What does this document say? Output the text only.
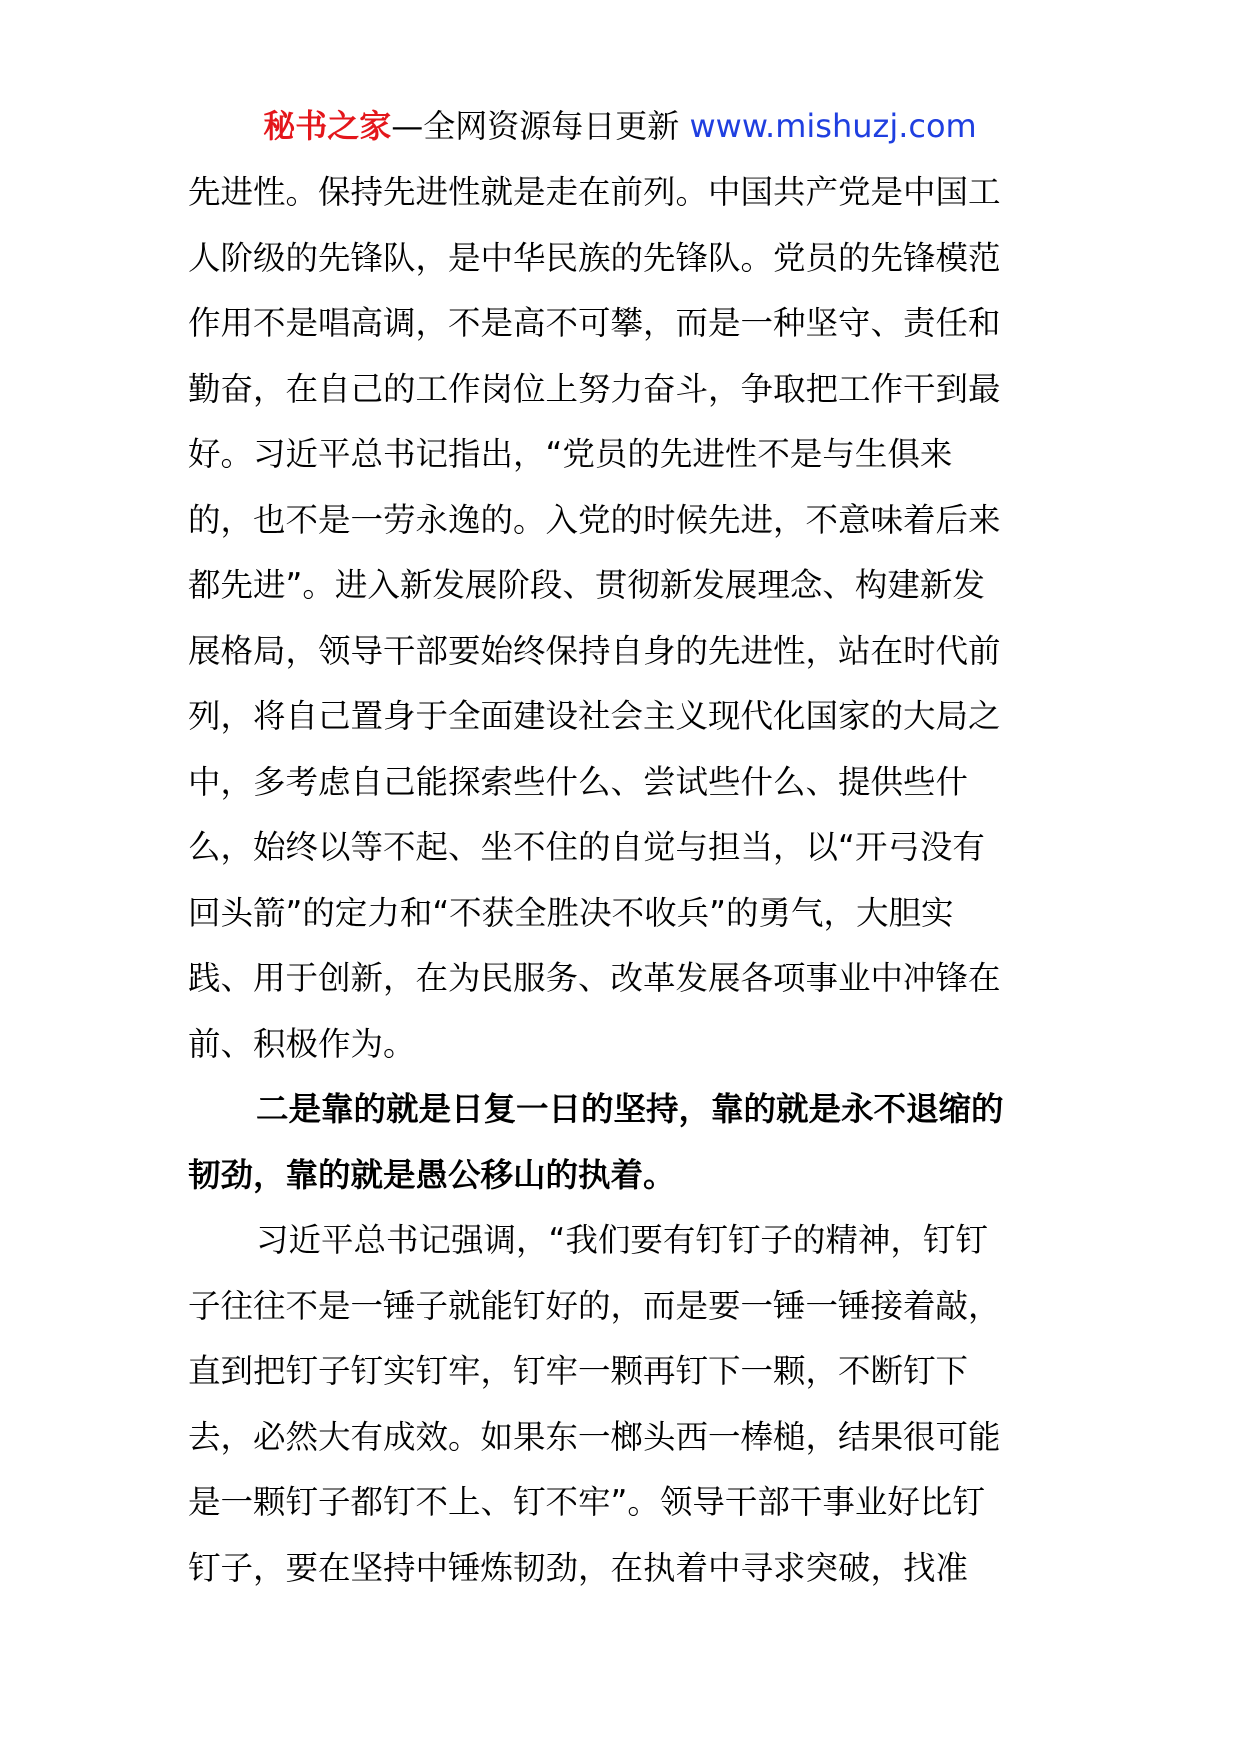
秘书之家—全网资源每日更新 www.mishuzj.com
先进性。保持先进性就是走在前列。中国共产党是中国工
人阶级的先锋队，是中华民族的先锋队。党员的先锋模范
作用不是唱高调，不是高不可攀，而是一种坚守、责任和
勤奋，在自己的工作岗位上努力奋斗，争取把工作干到最
好。习近平总书记指出，“党员的先进性不是与生俱来
的，也不是一劳永逸的。入党的时候先进，不意味着后来
都先进”。进入新发展阶段、贯彻新发展理念、构建新发
展格局，领导干部要始终保持自身的先进性，站在时代前
列，将自己置身于全面建设社会主义现代化国家的大局之
中，多考虑自己能探索些什么、尝试些什么、提供些什
么，始终以等不起、坐不住的自觉与担当，以“开弓没有
回头箭”的定力和“不获全胜决不收兵”的勇气，大胆实
践、用于创新，在为民服务、改革发展各项事业中冲锋在
前、积极作为。
二是靠的就是日复一日的坚持，靠的就是永不退缩的
韧劲，靠的就是愚公移山的执着。
习近平总书记强调，“我们要有钉钉子的精神，钉钉
子往往不是一锤子就能钉好的，而是要一锤一锤接着敲，
直到把钉子钉实钉牢，钉牢一颗再钉下一颗，不断钉下
去，必然大有成效。如果东一榔头西一棒槌，结果很可能
是一颗钉子都钉不上、钉不牢”。领导干部干事业好比钉
钉子，要在坚持中锤炼韧劲，在执着中寻求突破，找准
